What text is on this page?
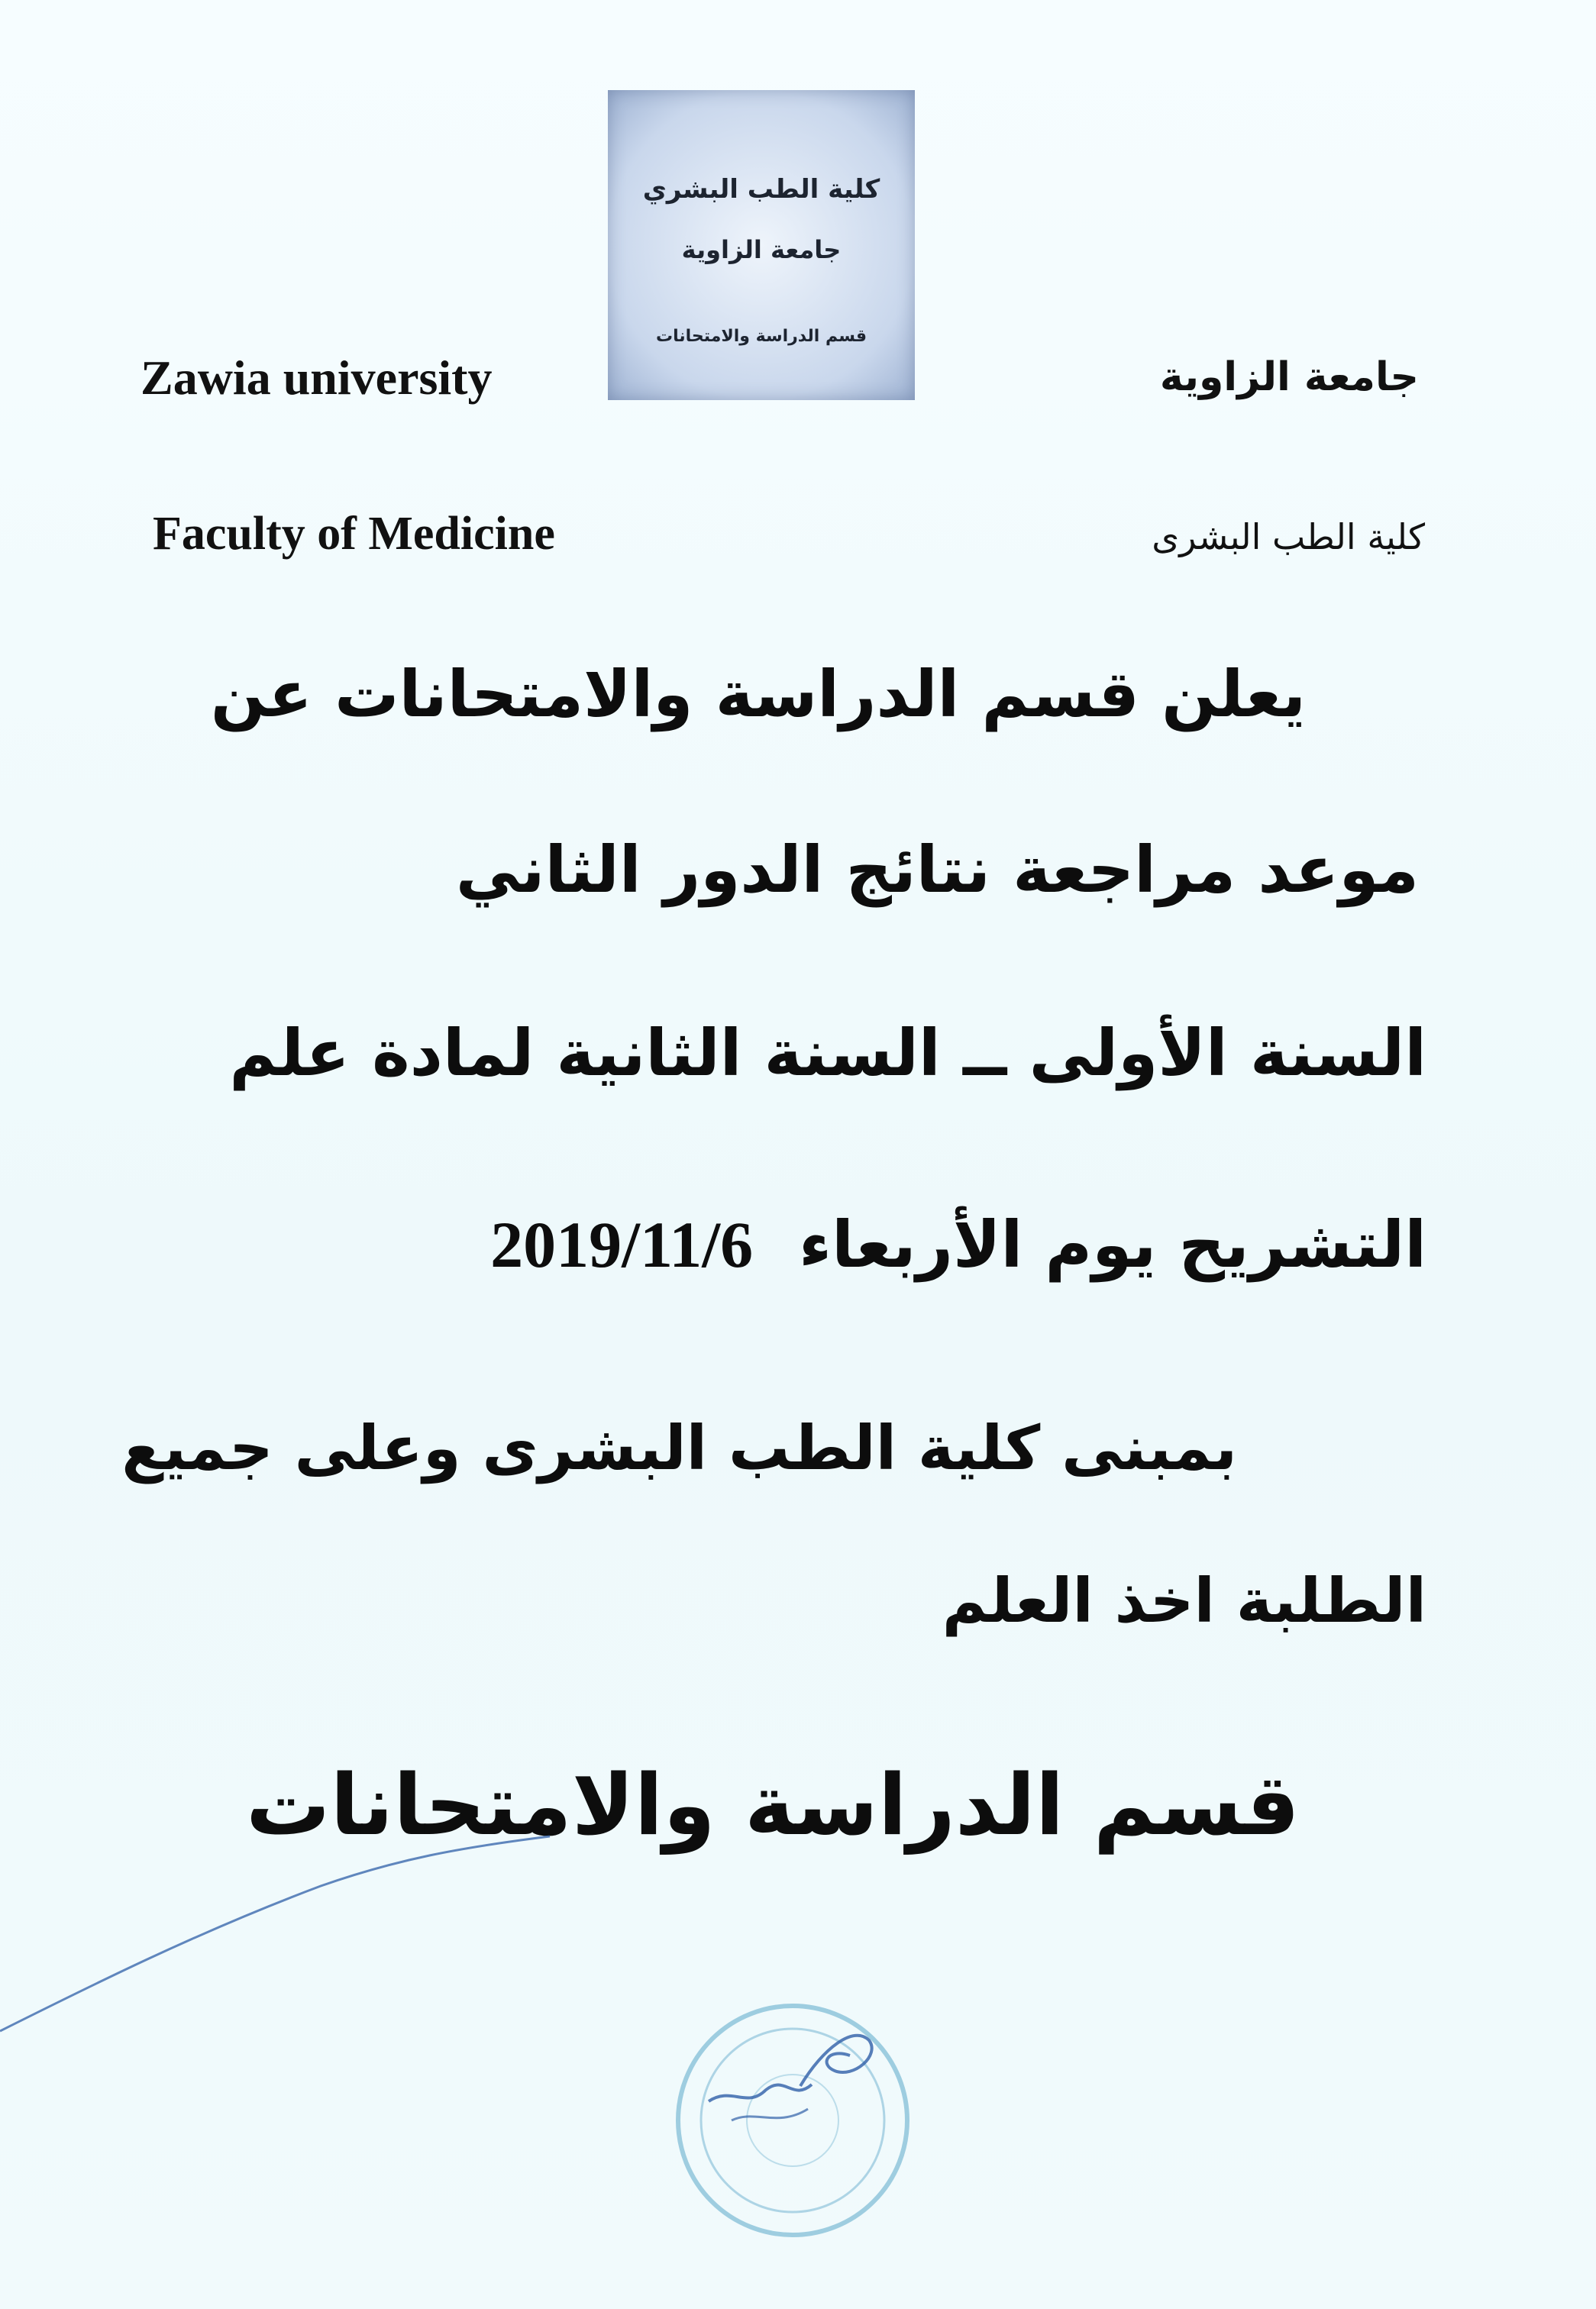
كلية الطب البشري
جامعة الزاوية
قسم الدراسة والامتحانات
Zawia university	جامعة الزاوية
Faculty of Medicine	كلية الطب البشرى
يعلن قسم الدراسة والامتحانات عن
موعد مراجعة نتائج الدور الثاني
السنة الأولى ــ السنة الثانية لمادة علم
التشريح يوم الأربعاء2019/11/6
بمبنى كلية الطب البشرى وعلى جميع
الطلبة اخذ العلم
قسم الدراسة والامتحانات
